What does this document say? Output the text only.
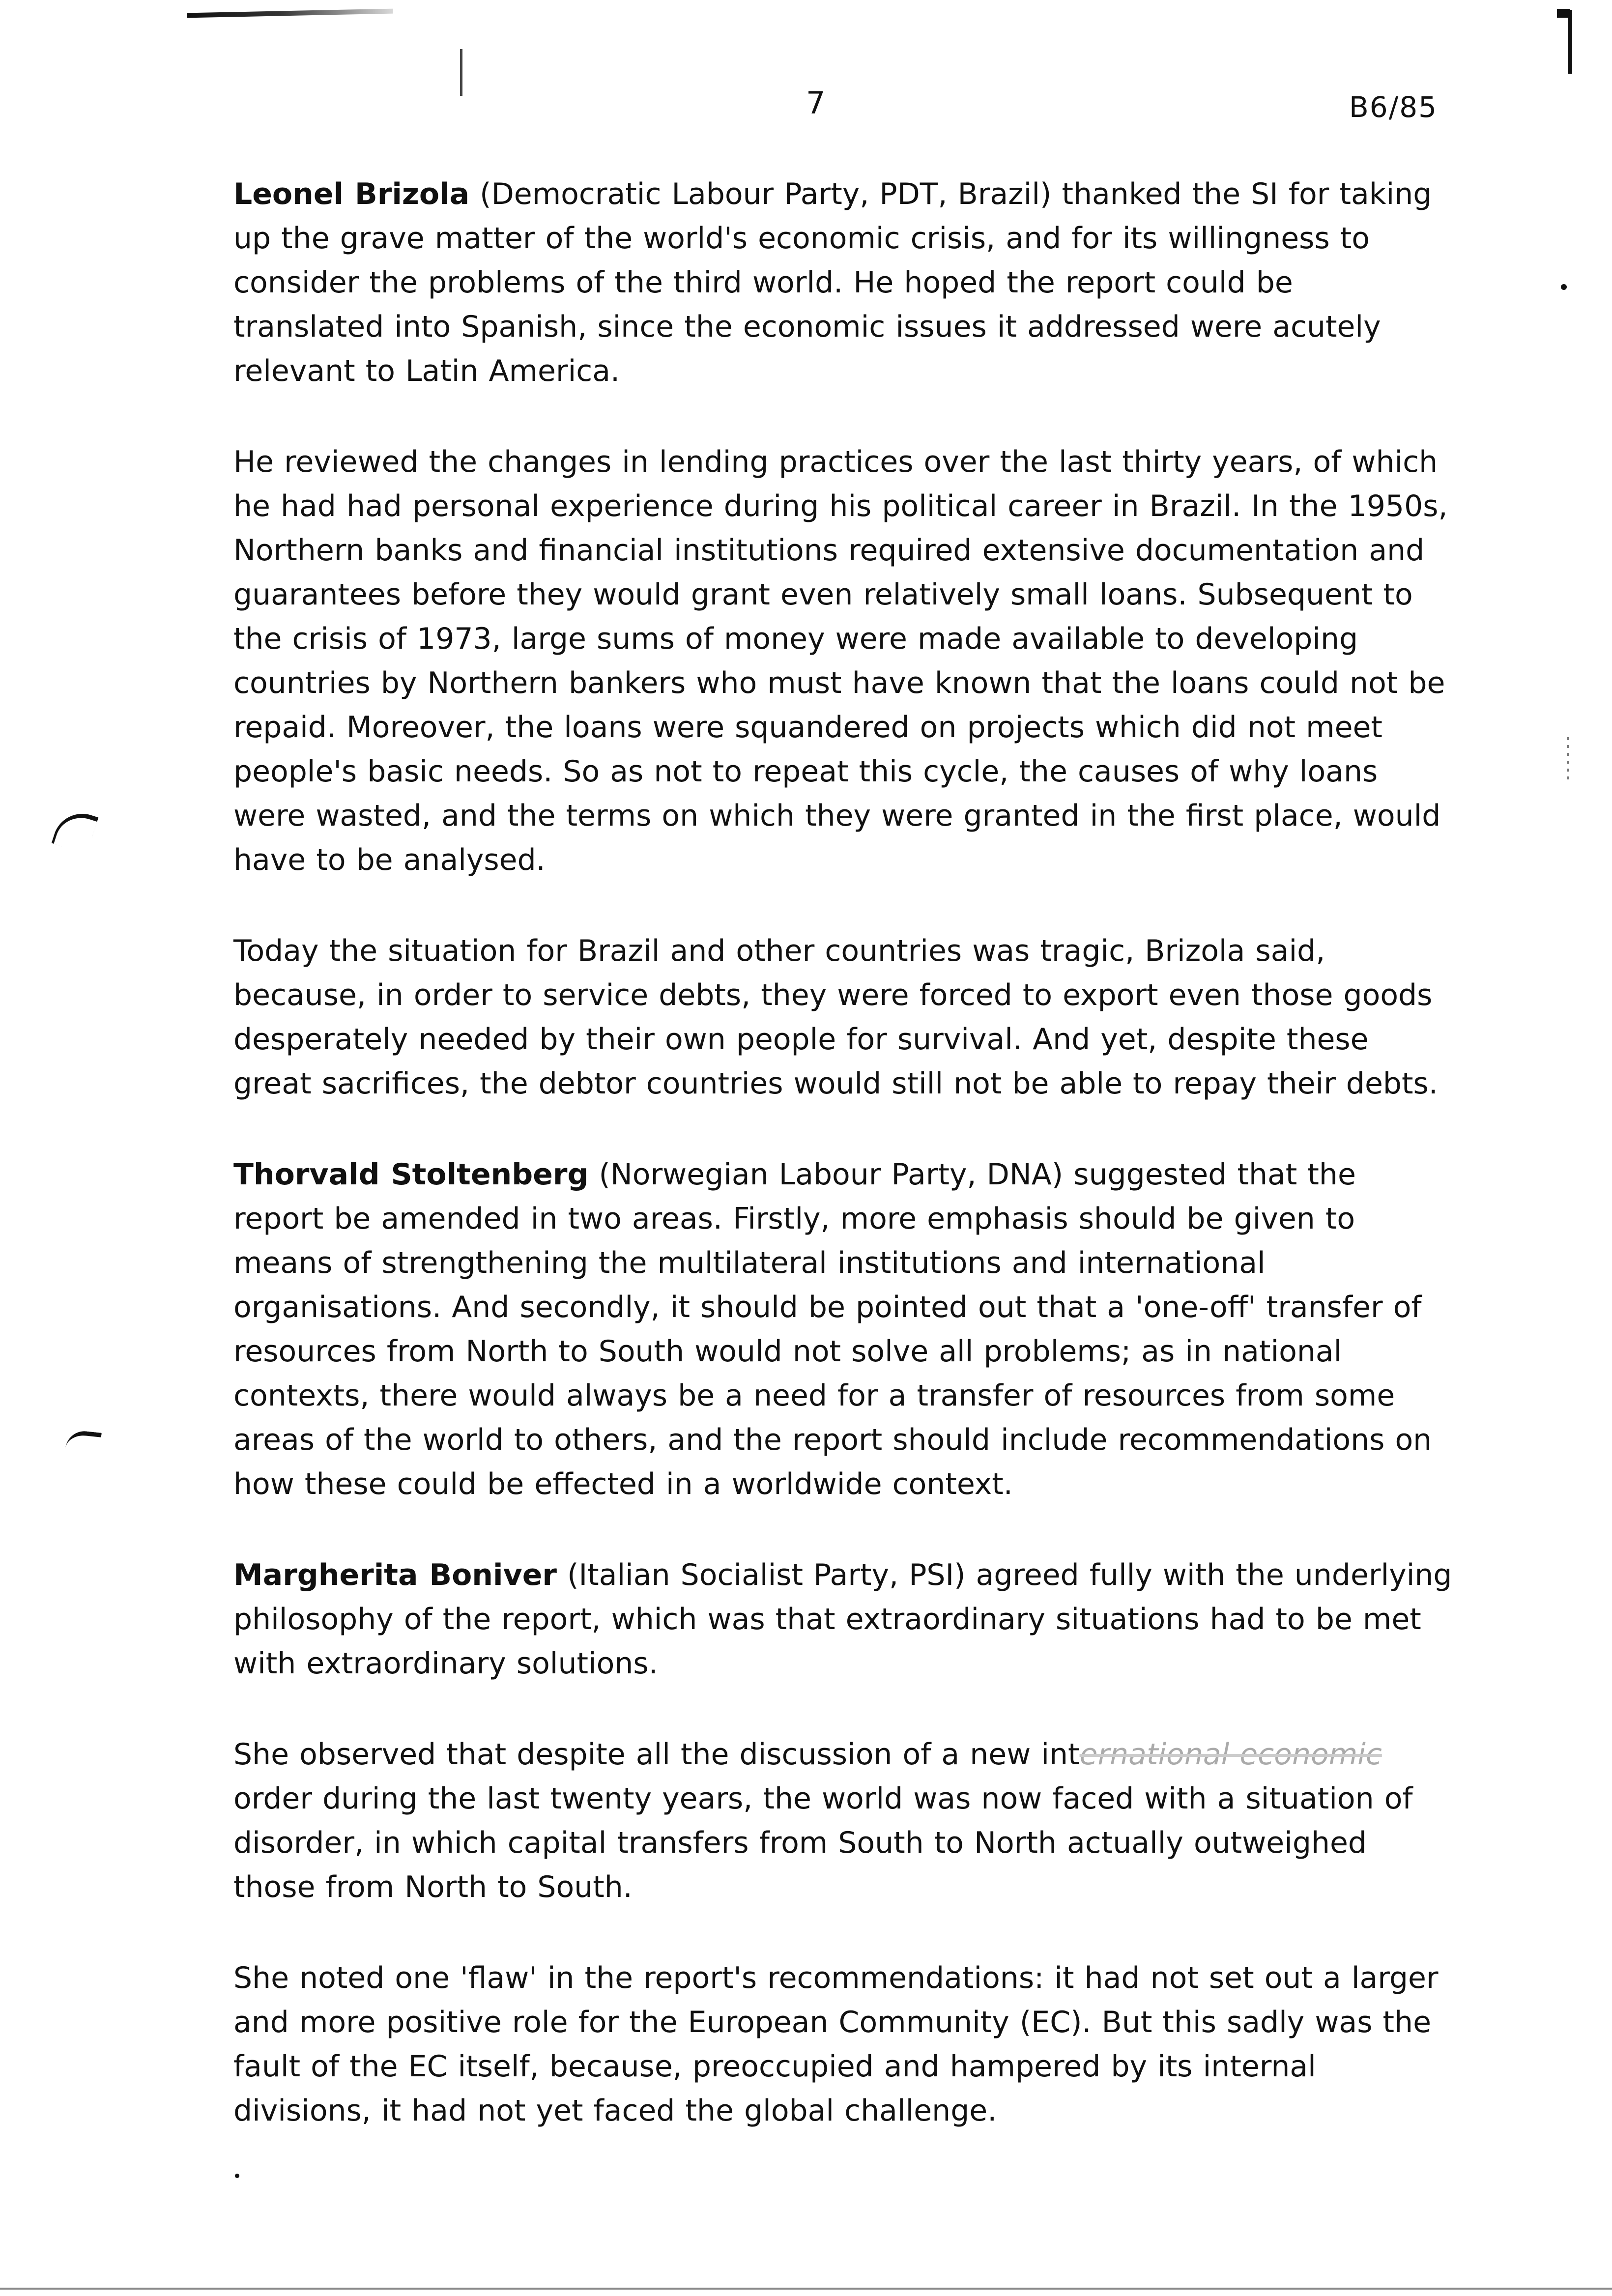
7	B6/85

Leonel Brizola (Democratic Labour Party, PDT, Brazil) thanked the SI for taking up the grave matter of the world's economic crisis, and for its willingness to consider the problems of the third world. He hoped the report could be translated into Spanish, since the economic issues it addressed were acutely relevant to Latin America.

He reviewed the changes in lending practices over the last thirty years, of which he had had personal experience during his political career in Brazil. In the 1950s, Northern banks and financial institutions required extensive documentation and guarantees before they would grant even relatively small loans. Subsequent to the crisis of 1973, large sums of money were made available to developing countries by Northern bankers who must have known that the loans could not be repaid. Moreover, the loans were squandered on projects which did not meet people's basic needs. So as not to repeat this cycle, the causes of why loans were wasted, and the terms on which they were granted in the first place, would have to be analysed.

Today the situation for Brazil and other countries was tragic, Brizola said, because, in order to service debts, they were forced to export even those goods desperately needed by their own people for survival. And yet, despite these great sacrifices, the debtor countries would still not be able to repay their debts.

Thorvald Stoltenberg (Norwegian Labour Party, DNA) suggested that the report be amended in two areas. Firstly, more emphasis should be given to means of strengthening the multilateral institutions and international organisations. And secondly, it should be pointed out that a 'one-off' transfer of resources from North to South would not solve all problems; as in national contexts, there would always be a need for a transfer of resources from some areas of the world to others, and the report should include recommendations on how these could be effected in a worldwide context.

Margherita Boniver (Italian Socialist Party, PSI) agreed fully with the underlying philosophy of the report, which was that extraordinary situations had to be met with extraordinary solutions.

She observed that despite all the discussion of a new international economic order during the last twenty years, the world was now faced with a situation of disorder, in which capital transfers from South to North actually outweighed those from North to South.

She noted one 'flaw' in the report's recommendations: it had not set out a larger and more positive role for the European Community (EC). But this sadly was the fault of the EC itself, because, preoccupied and hampered by its internal divisions, it had not yet faced the global challenge.
